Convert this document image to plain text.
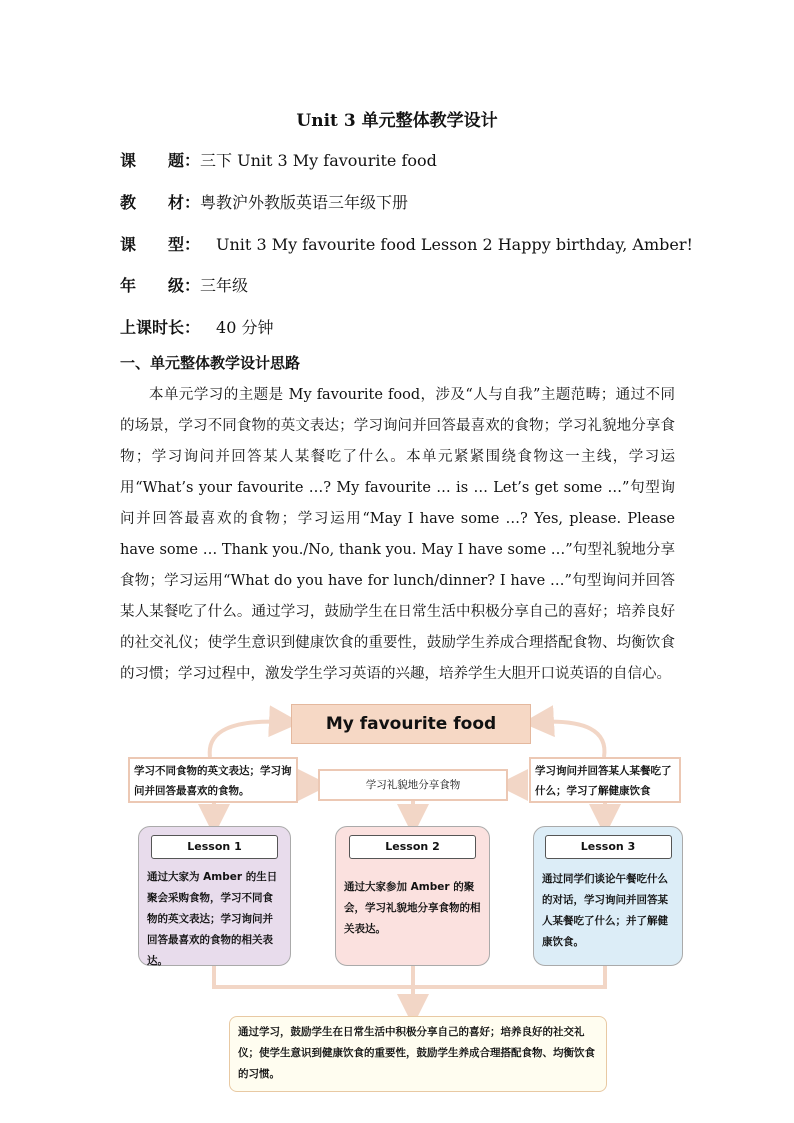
Unit 3 单元整体教学设计
课　　题：三下 Unit 3 My favourite food
教　　材：粤教沪外教版英语三年级下册
课　　型：　Unit 3 My favourite food Lesson 2 Happy birthday, Amber!
年　　级：三年级
上课时长：　40 分钟
一、单元整体教学设计思路
本单元学习的主题是 My favourite food，涉及“人与自我”主题范畴；通过不同的场景，学习不同食物的英文表达；学习询问并回答最喜欢的食物；学习礼貌地分享食物；学习询问并回答某人某餐吃了什么。本单元紧紧围绕食物这一主线，学习运用“What’s your favourite …? My favourite … is … Let’s get some …”句型询问并回答最喜欢的食物；学习运用“May I have some …? Yes, please. Please have some … Thank you./No, thank you. May I have some …”句型礼貌地分享食物；学习运用“What do you have for lunch/dinner? I have …”句型询问并回答某人某餐吃了什么。通过学习，鼓励学生在日常生活中积极分享自己的喜好；培养良好的社交礼仪；使学生意识到健康饮食的重要性，鼓励学生养成合理搭配食物、均衡饮食的习惯；学习过程中，激发学生学习英语的兴趣，培养学生大胆开口说英语的自信心。
My favourite food
学习不同食物的英文表达；学习询问并回答最喜欢的食物。	学习礼貌地分享食物
学习询问并回答某人某餐吃了什么；学习了解健康饮食
Lesson 1
通过大家为 Amber 的生日聚会采购食物，学习不同食物的英文表达；学习询问并回答最喜欢的食物的相关表达。
Lesson 2
通过大家参加 Amber 的聚会，学习礼貌地分享食物的相关表达。
Lesson 3
通过同学们谈论午餐吃什么的对话，学习询问并回答某人某餐吃了什么；并了解健康饮食。
通过学习，鼓励学生在日常生活中积极分享自己的喜好；培养良好的社交礼仪；使学生意识到健康饮食的重要性，鼓励学生养成合理搭配食物、均衡饮食的习惯。
